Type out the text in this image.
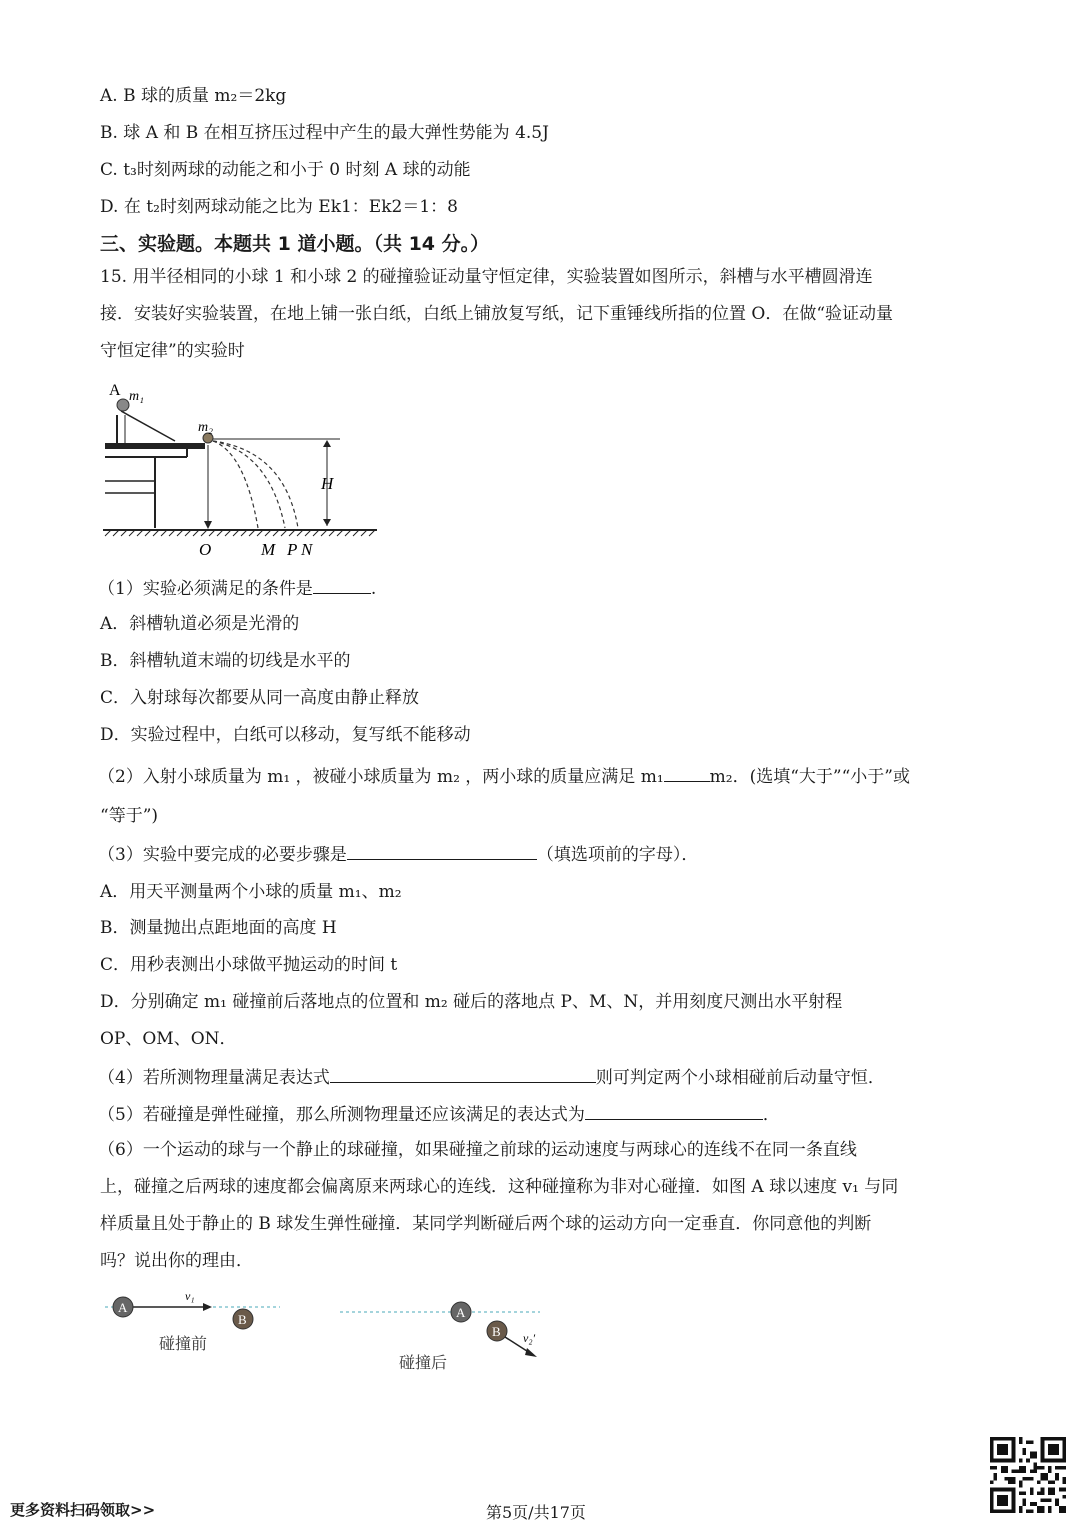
A. B 球的质量 m₂＝2kg
B. 球 A 和 B 在相互挤压过程中产生的最大弹性势能为 4.5J
C. t₃时刻两球的动能之和小于 0 时刻 A 球的动能
D. 在 t₂时刻两球动能之比为 Ek1：Ek2＝1：8
三、实验题。本题共 1 道小题。（共 14 分。）
15. 用半径相同的小球 1 和小球 2 的碰撞验证动量守恒定律，实验装置如图所示，斜槽与水平槽圆滑连
接．安装好实验装置，在地上铺一张白纸，白纸上铺放复写纸，记下重锤线所指的位置 O．在做“验证动量
守恒定律”的实验时
A m₁
m₂
H
O	M P N
（1）实验必须满足的条件是	.
A．斜槽轨道必须是光滑的
B．斜槽轨道末端的切线是水平的
C．入射球每次都要从同一高度由静止释放
D．实验过程中，白纸可以移动，复写纸不能移动
（2）入射小球质量为 m₁ ，被碰小球质量为 m₂ ，两小球的质量应满足 m₁	m₂．(选填“大于”“小于”或
“等于”)
（3）实验中要完成的必要步骤是	（填选项前的字母）．
A．用天平测量两个小球的质量 m₁、m₂
B．测量抛出点距地面的高度 H
C．用秒表测出小球做平抛运动的时间 t
D．分别确定 m₁ 碰撞前后落地点的位置和 m₂ 碰后的落地点 P、M、N，并用刻度尺测出水平射程
OP、OM、ON．
（4）若所测物理量满足表达式	则可判定两个小球相碰前后动量守恒．
（5）若碰撞是弹性碰撞，那么所测物理量还应该满足的表达式为	．
（6）一个运动的球与一个静止的球碰撞，如果碰撞之前球的运动速度与两球心的连线不在同一条直线
上，碰撞之后两球的速度都会偏离原来两球心的连线．这种碰撞称为非对心碰撞．如图 A 球以速度 v₁ 与同
样质量且处于静止的 B 球发生弹性碰撞．某同学判断碰后两个球的运动方向一定垂直．你同意他的判断
吗？说出你的理由．
A
v₁
B
碰撞前
A
B v₂′
碰撞后
更多资料扫码领取>>	第5页/共17页
